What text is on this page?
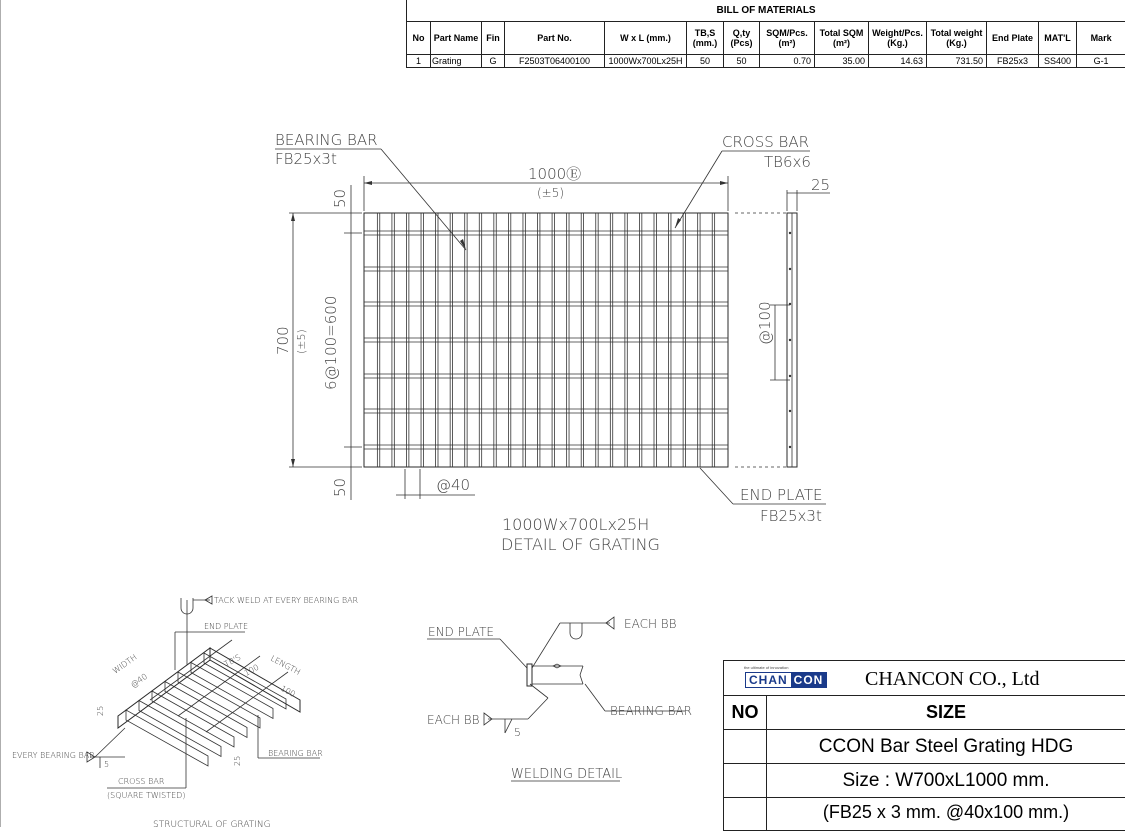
1000Ⓔ
(±5)
BEARING BAR
FB25x3t
CROSS BAR
TB6x6
50
50
700 (±5) 6@100=600
@40
25
@100
END PLATE
FB25x3t
1000Wx700Lx25H
DETAIL OF GRATING
TACK WELD AT EVERY BEARING BAR
END PLATE
TB'S
100 LENGTH
100
WIDTH
@40
25
25
EVERY BEARING BAR
5
BEARING BAR
CROSS BAR
(SQUARE TWISTED)
STRUCTURAL OF GRATING
END PLATE
EACH BB
BEARING BAR
5
EACH BB
WELDING DETAIL
BILL OF MATERIALS													
No	Part Name	Fin	Part No.	W x L (mm.)	TB,S (mm.)	Q,ty (Pcs)	SQM/Pcs. (m²)	Total SQM (m²)	Weight/Pcs. (Kg.)	Total weight (Kg.)	End Plate	MAT'L	Mark
1	Grating	G	F2503T06400100	1000Wx700Lx25H	50	50	0.70	35.00	14.63	731.50	FB25x3	SS400	G-1
the ultimate of innovation
CHAN CON CHANCON CO., Ltd	

NO	SIZE
	CCON Bar Steel Grating HDG
	Size : W700xL1000 mm.
	(FB25 x 3 mm. @40x100 mm.)
